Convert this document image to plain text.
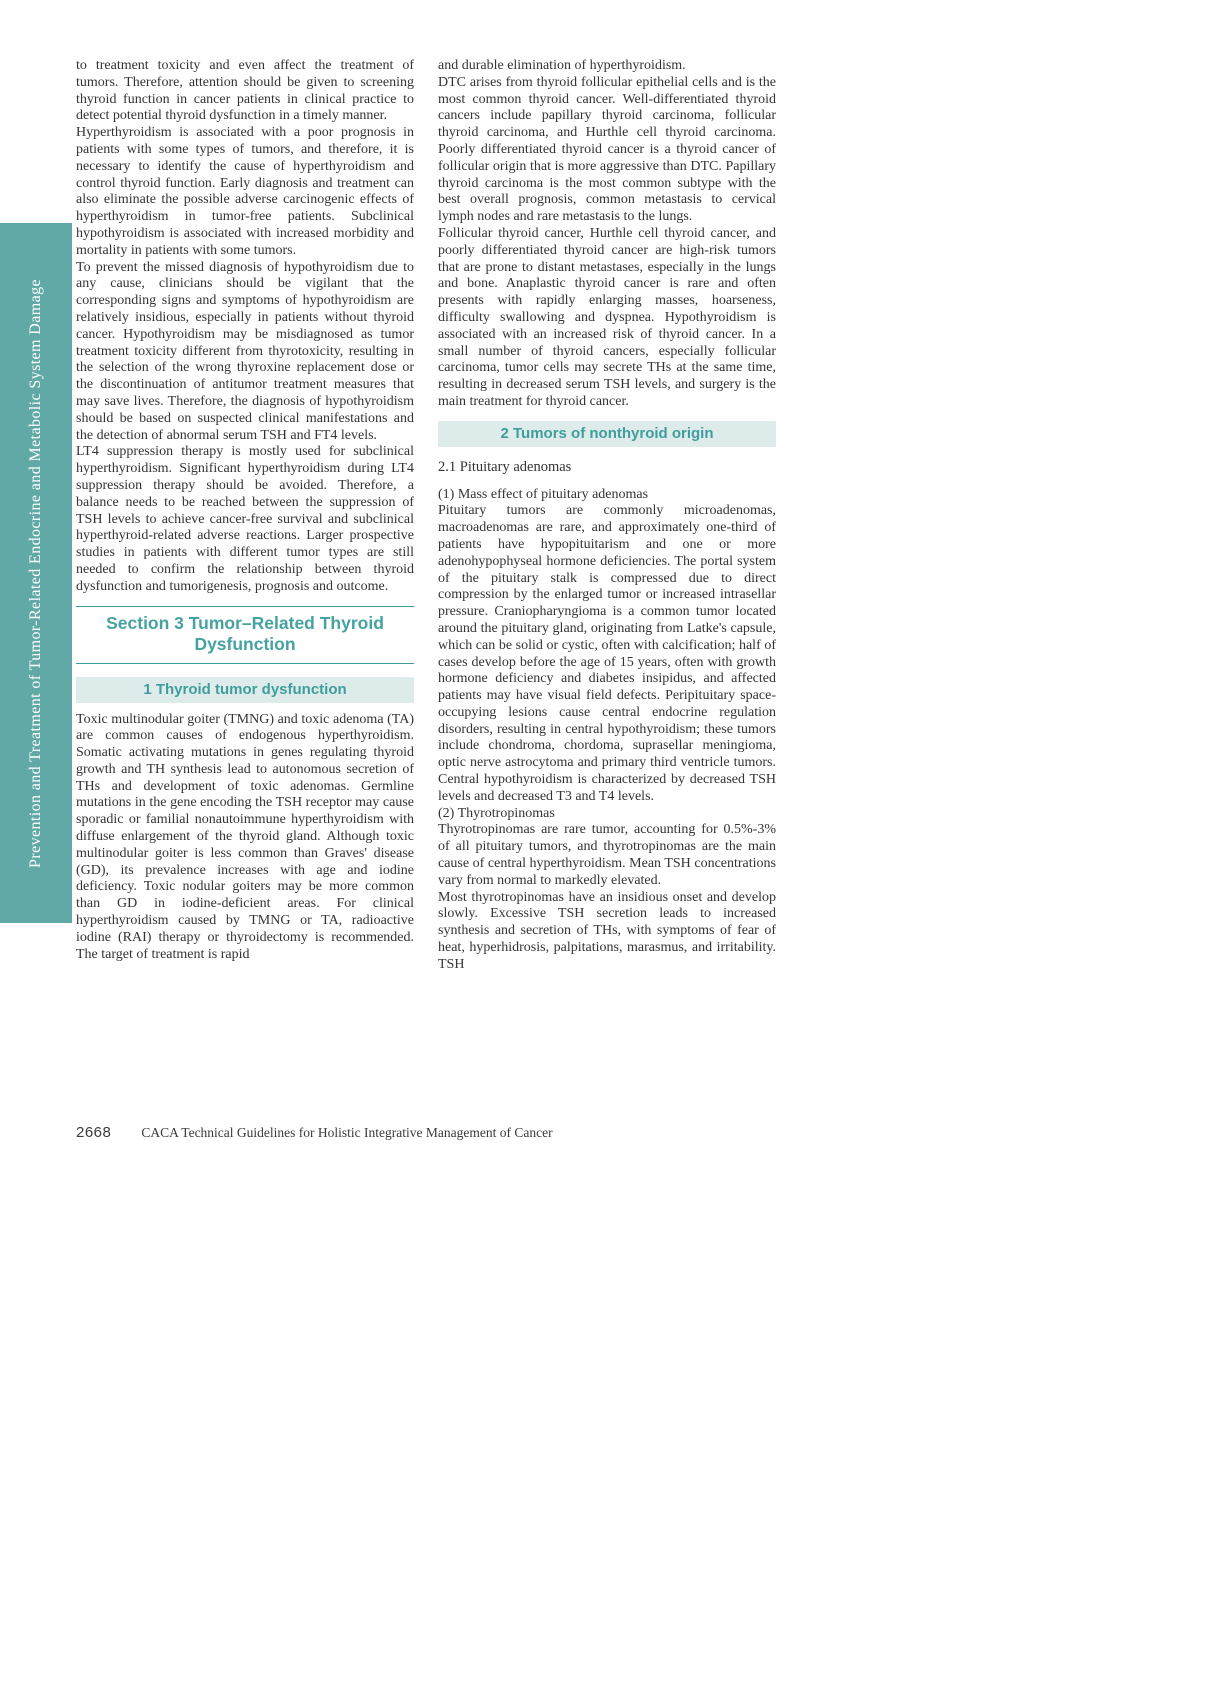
Prevention and Treatment of Tumor-Related Endocrine and Metabolic System Damage

to treatment toxicity and even affect the treatment of tumors. Therefore, attention should be given to screening thyroid function in cancer patients in clinical practice to detect potential thyroid dysfunction in a timely manner.

Hyperthyroidism is associated with a poor prognosis in patients with some types of tumors, and therefore, it is necessary to identify the cause of hyperthyroidism and control thyroid function. Early diagnosis and treatment can also eliminate the possible adverse carcinogenic effects of hyperthyroidism in tumor-free patients. Subclinical hypothyroidism is associated with increased morbidity and mortality in patients with some tumors.

To prevent the missed diagnosis of hypothyroidism due to any cause, clinicians should be vigilant that the corresponding signs and symptoms of hypothyroidism are relatively insidious, especially in patients without thyroid cancer. Hypothyroidism may be misdiagnosed as tumor treatment toxicity different from thyrotoxicity, resulting in the selection of the wrong thyroxine replacement dose or the discontinuation of antitumor treatment measures that may save lives. Therefore, the diagnosis of hypothyroidism should be based on suspected clinical manifestations and the detection of abnormal serum TSH and FT4 levels.

LT4 suppression therapy is mostly used for subclinical hyperthyroidism. Significant hyperthyroidism during LT4 suppression therapy should be avoided. Therefore, a balance needs to be reached between the suppression of TSH levels to achieve cancer-free survival and subclinical hyperthyroid-related adverse reactions. Larger prospective studies in patients with different tumor types are still needed to confirm the relationship between thyroid dysfunction and tumorigenesis, prognosis and outcome.

Section 3 Tumor–Related Thyroid Dysfunction
1 Thyroid tumor dysfunction

Toxic multinodular goiter (TMNG) and toxic adenoma (TA) are common causes of endogenous hyperthyroidism. Somatic activating mutations in genes regulating thyroid growth and TH synthesis lead to autonomous secretion of THs and development of toxic adenomas. Germline mutations in the gene encoding the TSH receptor may cause sporadic or familial nonautoimmune hyperthyroidism with diffuse enlargement of the thyroid gland. Although toxic multinodular goiter is less common than Graves' disease (GD), its prevalence increases with age and iodine deficiency. Toxic nodular goiters may be more common than GD in iodine-deficient areas. For clinical hyperthyroidism caused by TMNG or TA, radioactive iodine (RAI) therapy or thyroidectomy is recommended. The target of treatment is rapid

and durable elimination of hyperthyroidism.

DTC arises from thyroid follicular epithelial cells and is the most common thyroid cancer. Well-differentiated thyroid cancers include papillary thyroid carcinoma, follicular thyroid carcinoma, and Hurthle cell thyroid carcinoma. Poorly differentiated thyroid cancer is a thyroid cancer of follicular origin that is more aggressive than DTC. Papillary thyroid carcinoma is the most common subtype with the best overall prognosis, common metastasis to cervical lymph nodes and rare metastasis to the lungs.

Follicular thyroid cancer, Hurthle cell thyroid cancer, and poorly differentiated thyroid cancer are high-risk tumors that are prone to distant metastases, especially in the lungs and bone. Anaplastic thyroid cancer is rare and often presents with rapidly enlarging masses, hoarseness, difficulty swallowing and dyspnea. Hypothyroidism is associated with an increased risk of thyroid cancer. In a small number of thyroid cancers, especially follicular carcinoma, tumor cells may secrete THs at the same time, resulting in decreased serum TSH levels, and surgery is the main treatment for thyroid cancer.

2 Tumors of nonthyroid origin

2.1 Pituitary adenomas

(1) Mass effect of pituitary adenomas

Pituitary tumors are commonly microadenomas, macroadenomas are rare, and approximately one-third of patients have hypopituitarism and one or more adenohypophyseal hormone deficiencies. The portal system of the pituitary stalk is compressed due to direct compression by the enlarged tumor or increased intrasellar pressure. Craniopharyngioma is a common tumor located around the pituitary gland, originating from Latke's capsule, which can be solid or cystic, often with calcification; half of cases develop before the age of 15 years, often with growth hormone deficiency and diabetes insipidus, and affected patients may have visual field defects. Peripituitary space-occupying lesions cause central endocrine regulation disorders, resulting in central hypothyroidism; these tumors include chondroma, chordoma, suprasellar meningioma, optic nerve astrocytoma and primary third ventricle tumors. Central hypothyroidism is characterized by decreased TSH levels and decreased T3 and T4 levels.

(2) Thyrotropinomas

Thyrotropinomas are rare tumor, accounting for 0.5%-3% of all pituitary tumors, and thyrotropinomas are the main cause of central hyperthyroidism. Mean TSH concentrations vary from normal to markedly elevated.

Most thyrotropinomas have an insidious onset and develop slowly. Excessive TSH secretion leads to increased synthesis and secretion of THs, with symptoms of fear of heat, hyperhidrosis, palpitations, marasmus, and irritability. TSH

2668 CACA Technical Guidelines for Holistic Integrative Management of Cancer
